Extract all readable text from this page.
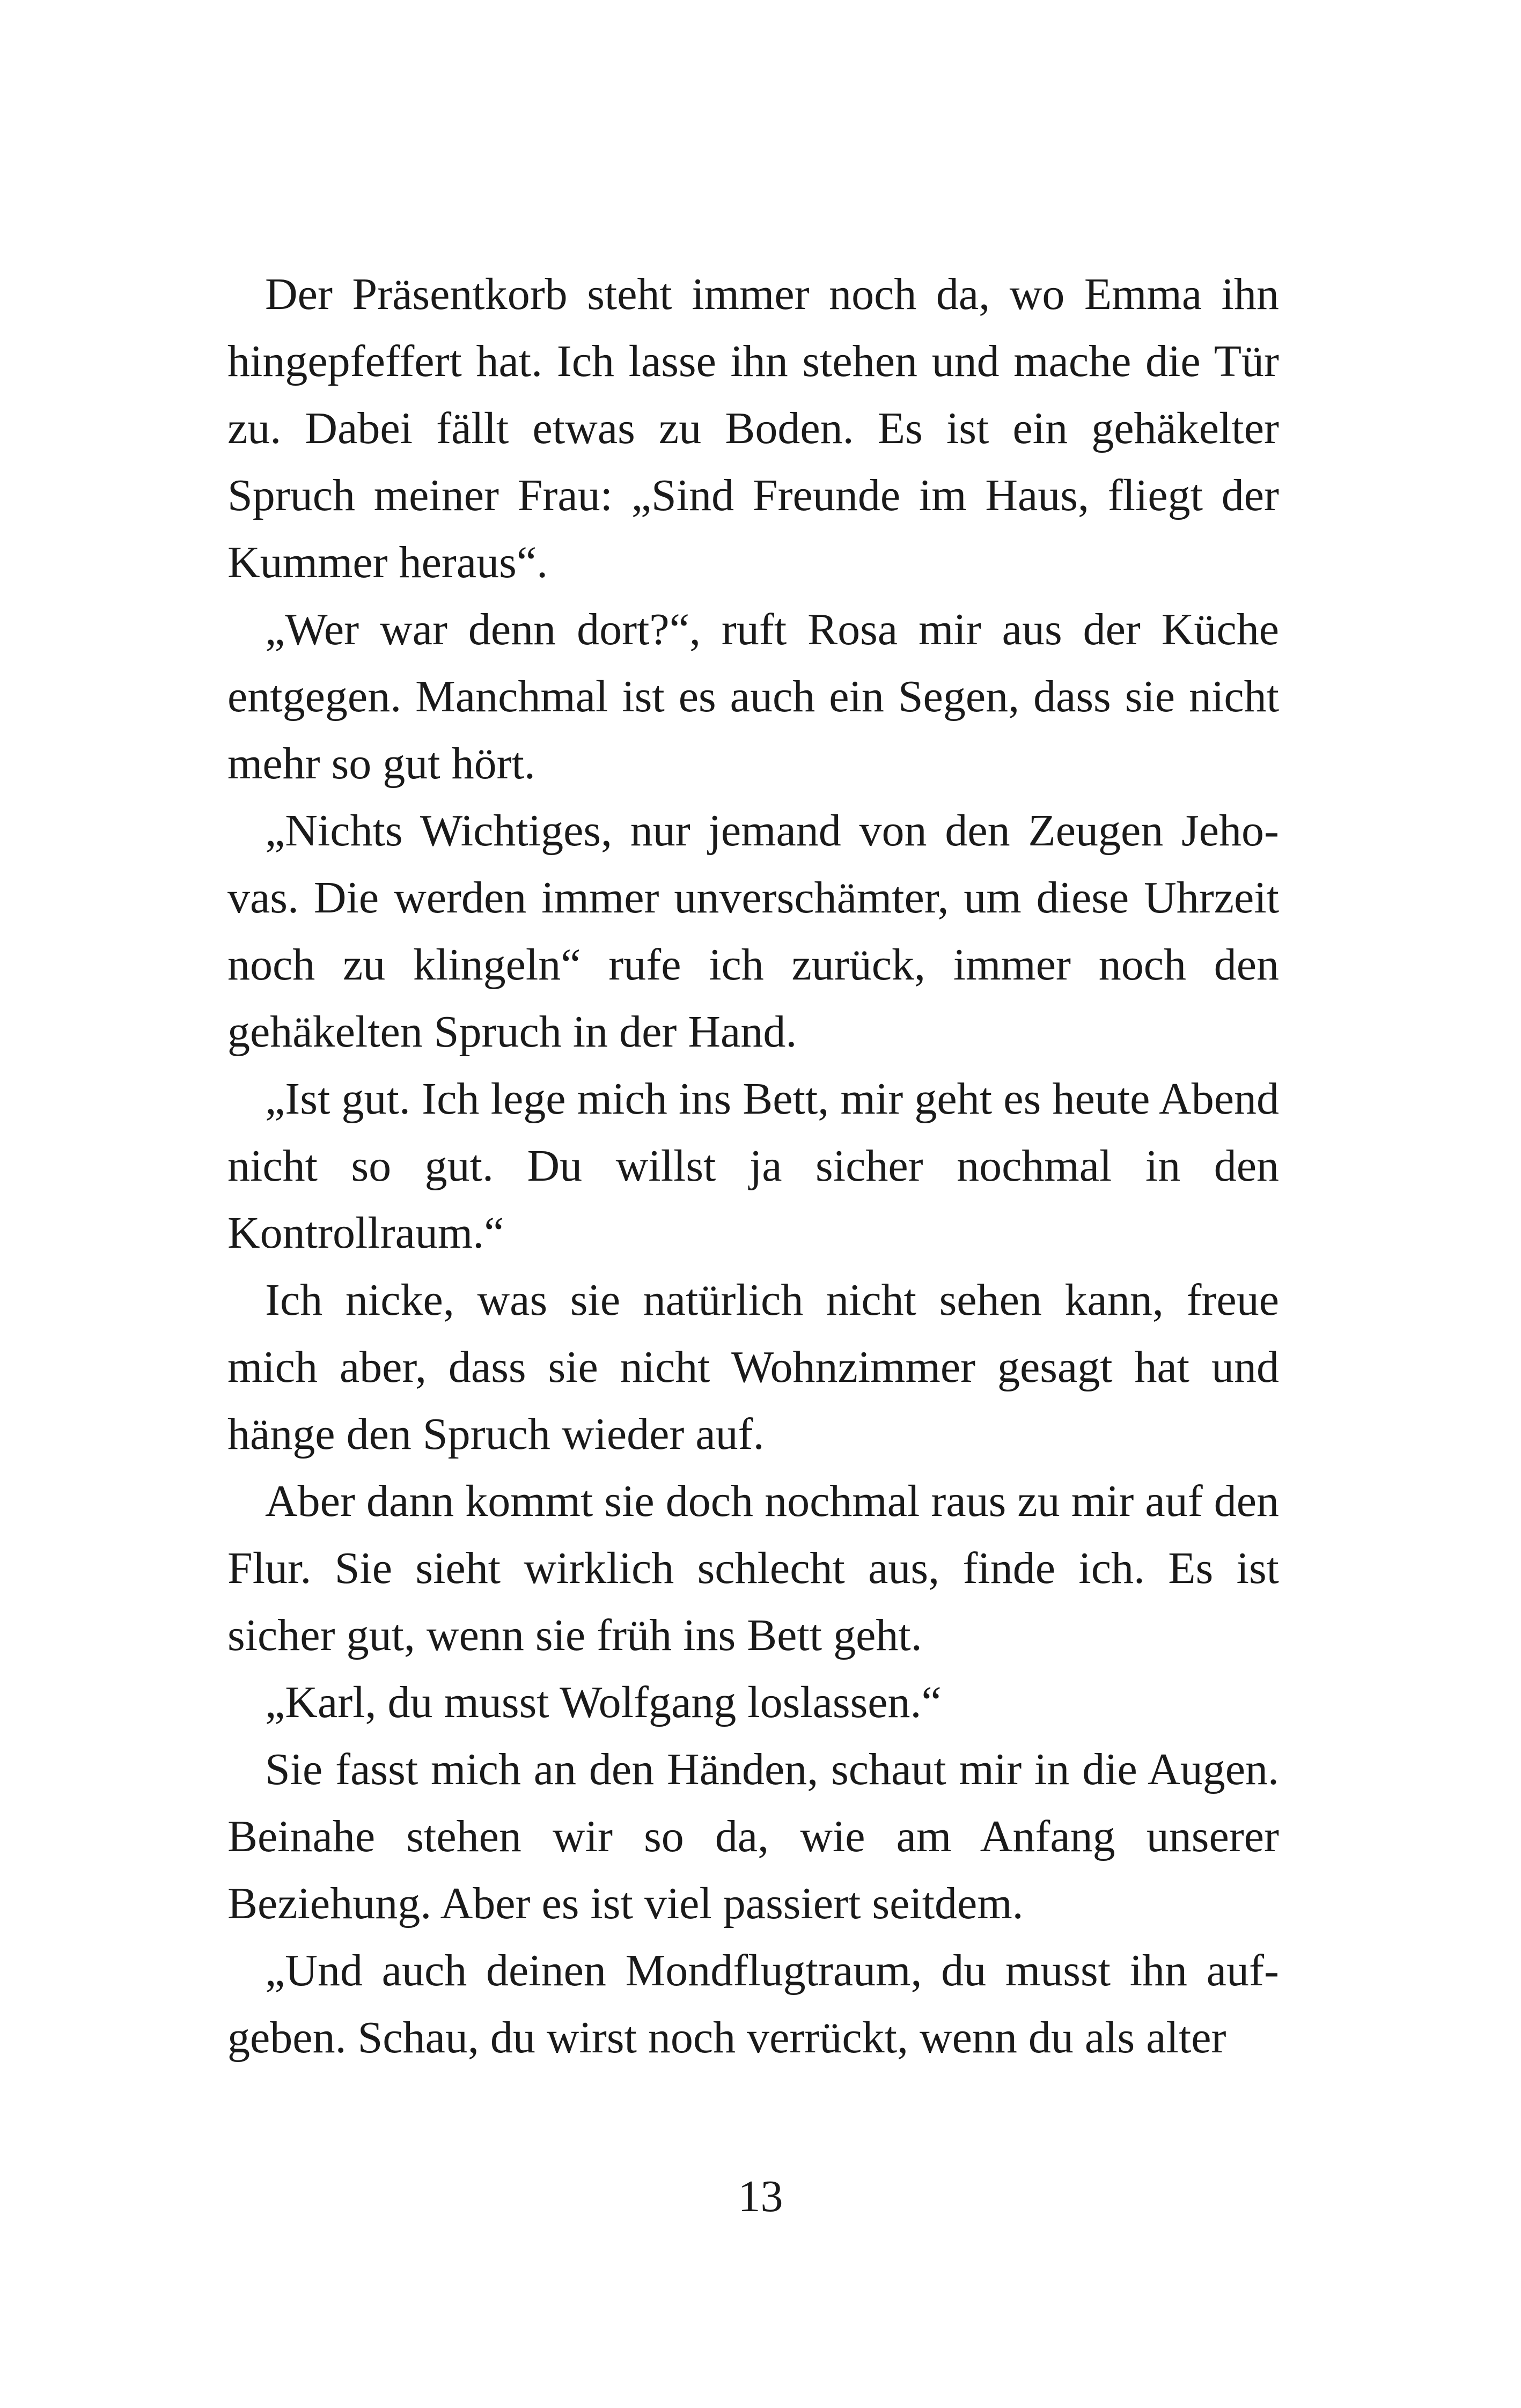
Der Präsentkorb steht immer noch da, wo Emma ihn hingepfeffert hat. Ich lasse ihn stehen und mache die Tür zu. Dabei fällt etwas zu Boden. Es ist ein gehäkelter Spruch meiner Frau: „Sind Freunde im Haus, fliegt der Kummer heraus“.

„Wer war denn dort?“, ruft Rosa mir aus der Küche entgegen. Manchmal ist es auch ein Segen, dass sie nicht mehr so gut hört.

„Nichts Wichtiges, nur jemand von den Zeugen Jehovas. Die werden immer unverschämter, um diese Uhrzeit noch zu klingeln“ rufe ich zurück, immer noch den gehäkelten Spruch in der Hand.

„Ist gut. Ich lege mich ins Bett, mir geht es heute Abend nicht so gut. Du willst ja sicher nochmal in den Kontrollraum.“

Ich nicke, was sie natürlich nicht sehen kann, freue mich aber, dass sie nicht Wohnzimmer gesagt hat und hänge den Spruch wieder auf.

Aber dann kommt sie doch nochmal raus zu mir auf den Flur. Sie sieht wirklich schlecht aus, finde ich. Es ist sicher gut, wenn sie früh ins Bett geht.

„Karl, du musst Wolfgang loslassen.“

Sie fasst mich an den Händen, schaut mir in die Augen. Beinahe stehen wir so da, wie am Anfang unserer Beziehung. Aber es ist viel passiert seitdem.

„Und auch deinen Mondflugtraum, du musst ihn aufgeben. Schau, du wirst noch verrückt, wenn du als alter

13
